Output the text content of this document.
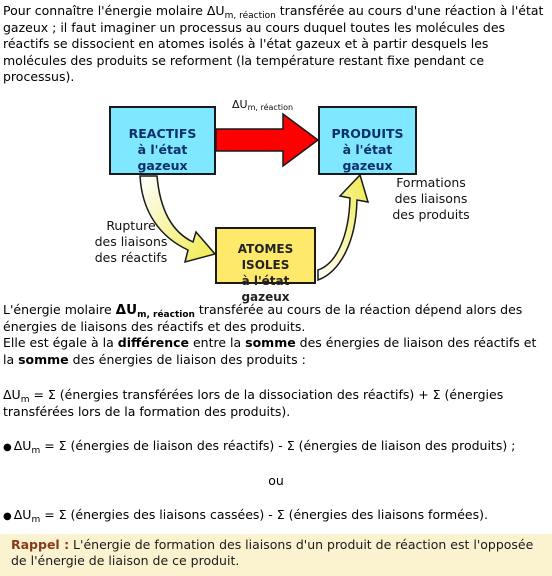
Pour connaître l'énergie molaire $\Delta U_{m, réaction}$ transférée au cours d'une réaction à l'état gazeux ; il faut imaginer un processus au cours duquel toutes les molécules des réactifs se dissocient en atomes isolés à l'état gazeux et à partir desquels les molécules des produits se reforment (la température restant fixe pendant ce processus).

$\Delta U_{m, réaction}$
REACTIFS
à l'état gazeux
PRODUITS
à l'état gazeux
ATOMES ISOLES
à l'état gazeux
Formations
des liaisons
des produits
Rupture
des liaisons
des réactifs

L'énergie molaire $\Delta U_{m, réaction}$ transférée au cours de la réaction dépend alors des énergies de liaisons des réactifs et des produits.
Elle est égale à la différence entre la somme des énergies de liaison des réactifs et la somme des énergies de liaison des produits :

$\Delta U_m = \Sigma$ (énergies transférées lors de la dissociation des réactifs) + Σ (énergies transférées lors de la formation des produits).

● $\Delta U_m = \Sigma$ (énergies de liaison des réactifs) - Σ (énergies de liaison des produits) ;

ou

● $\Delta U_m = \Sigma$ (énergies des liaisons cassées) - Σ (énergies des liaisons formées).

Rappel : L'énergie de formation des liaisons d'un produit de réaction est l'opposée de l'énergie de liaison de ce produit.
